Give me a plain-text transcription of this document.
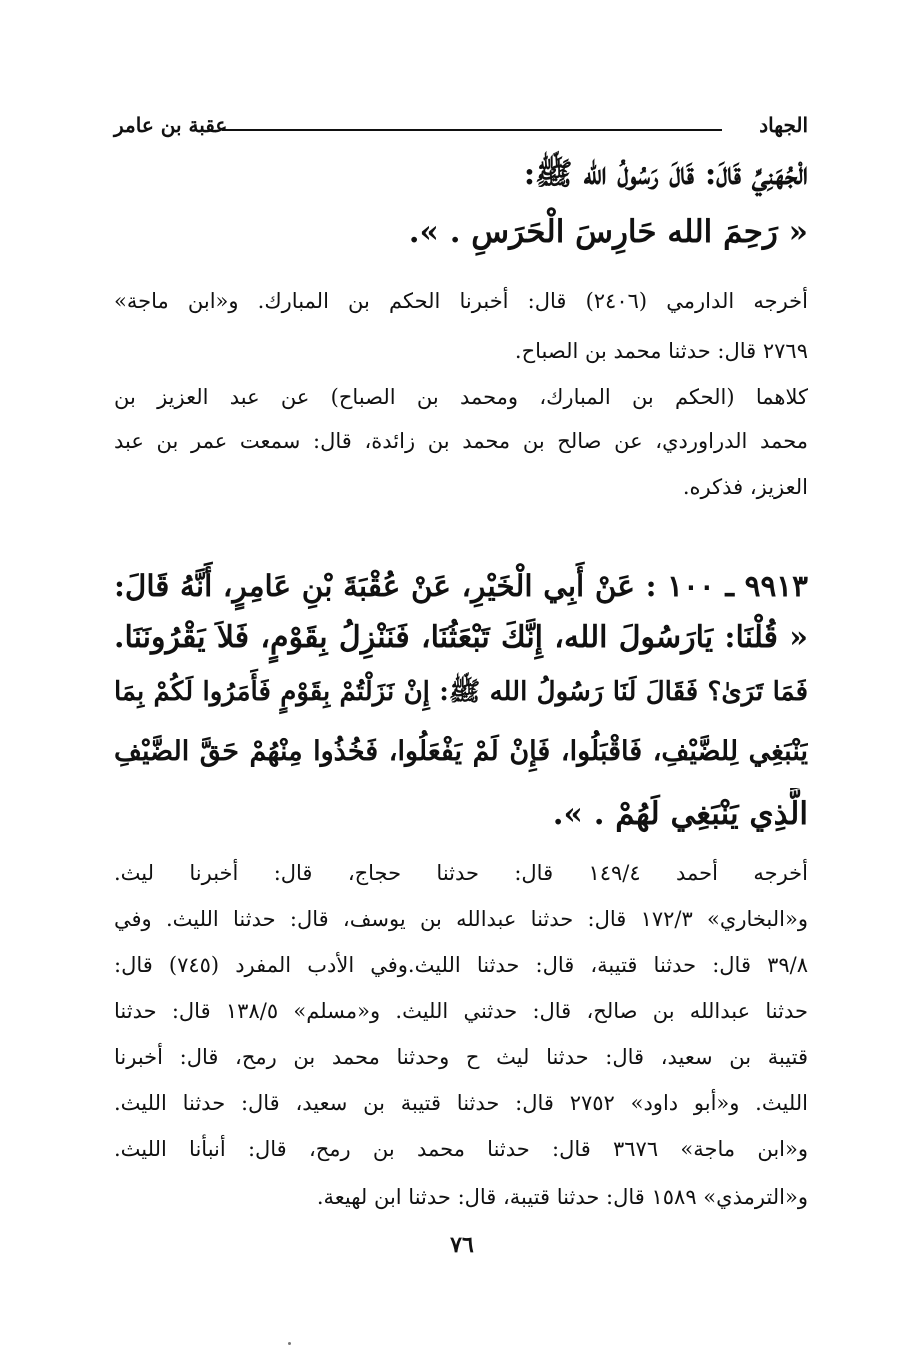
الجهاد
عقبة بن عامر
الْجُهَنِيِّ قَالَ: قَالَ رَسُولُ الله ﷺ:
« رَحِمَ الله حَارِسَ الْحَرَسِ . ».
أخرجه الدارمي (٢٤٠٦) قال: أخبرنا الحكم بن المبارك. و«ابن ماجة»
٢٧٦٩ قال: حدثنا محمد بن الصباح.
كلاهما (الحكم بن المبارك، ومحمد بن الصباح) عن عبد العزيز بن
محمد الدراوردي، عن صالح بن محمد بن زائدة، قال: سمعت عمر بن عبد
العزيز، فذكره.
٩٩١٣ ـ ١٠٠ : عَنْ أَبِي الْخَيْرِ، عَنْ عُقْبَةَ بْنِ عَامِرٍ، أَنَّهُ قَالَ:
« قُلْنَا: يَارَسُولَ الله، إِنَّكَ تَبْعَثُنَا، فَنَنْزِلُ بِقَوْمٍ، فَلاَ يَقْرُونَنَا.
فَمَا تَرَىٰ؟ فَقَالَ لَنَا رَسُولُ الله ﷺ: إِنْ نَزَلْتُمْ بِقَوْمٍ فَأَمَرُوا لَكُمْ بِمَا
يَنْبَغِي لِلضَّيْفِ، فَاقْبَلُوا، فَإِنْ لَمْ يَفْعَلُوا، فَخُذُوا مِنْهُمْ حَقَّ الضَّيْفِ
الَّذِي يَنْبَغِي لَهُمْ . ».
أخرجه أحمد ١٤٩/٤ قال: حدثنا حجاج، قال: أخبرنا ليث.
و«البخاري» ١٧٢/٣ قال: حدثنا عبدالله بن يوسف، قال: حدثنا الليث. وفي
٣٩/٨ قال: حدثنا قتيبة، قال: حدثنا الليث.وفي الأدب المفرد (٧٤٥) قال:
حدثنا عبدالله بن صالح، قال: حدثني الليث. و«مسلم» ١٣٨/٥ قال: حدثنا
قتيبة بن سعيد، قال: حدثنا ليث ح وحدثنا محمد بن رمح، قال: أخبرنا
الليث. و«أبو داود» ٢٧٥٢ قال: حدثنا قتيبة بن سعيد، قال: حدثنا الليث.
و«ابن ماجة» ٣٦٧٦ قال: حدثنا محمد بن رمح، قال: أنبأنا الليث.
و«الترمذي» ١٥٨٩ قال: حدثنا قتيبة، قال: حدثنا ابن لهيعة.
٧٦
